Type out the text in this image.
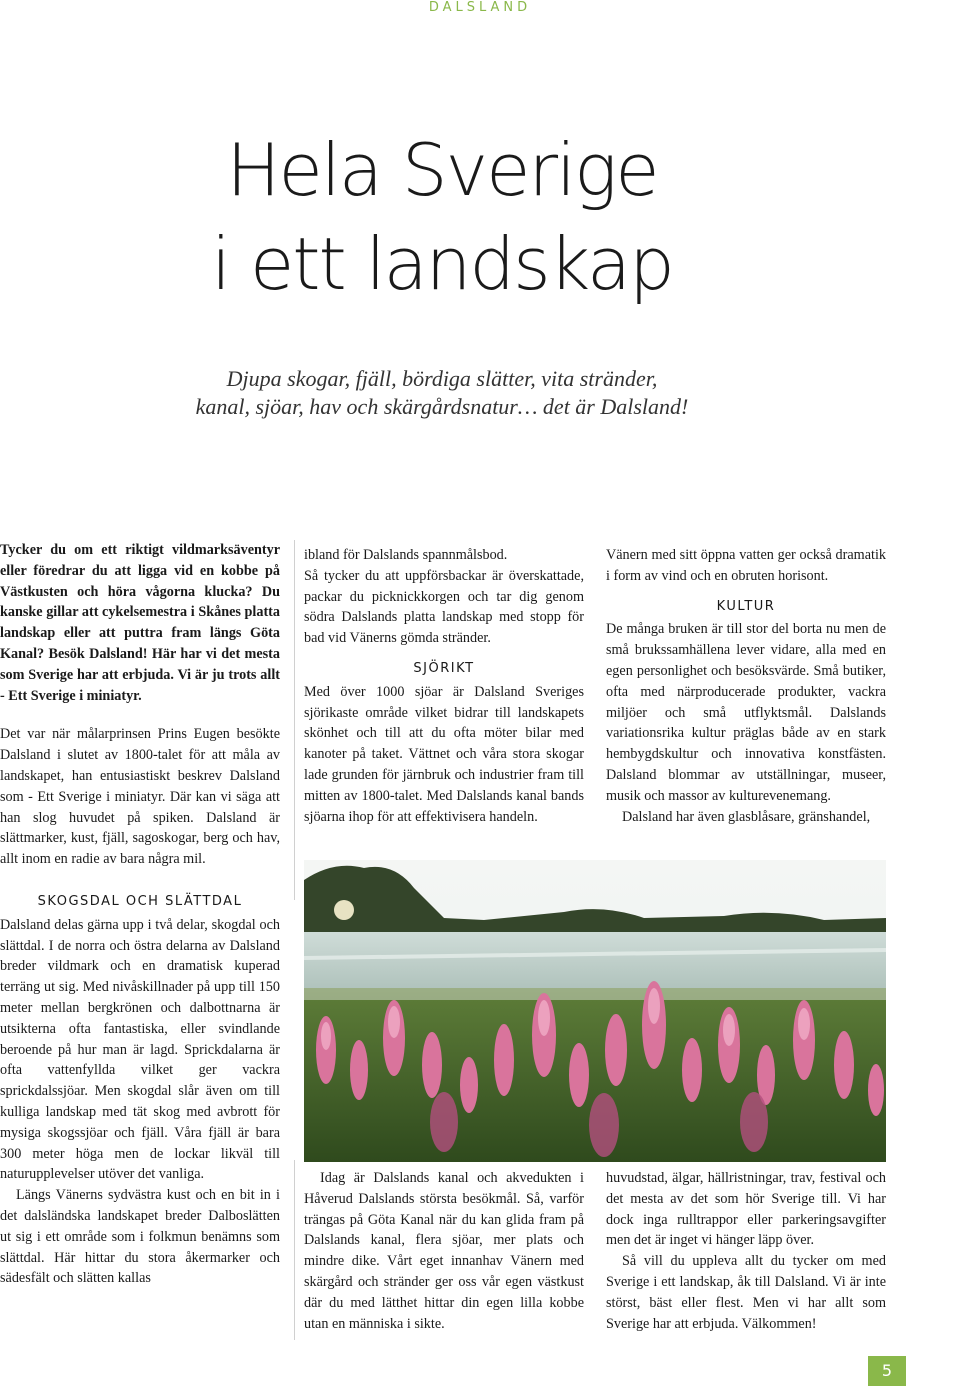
DALSLAND
Hela Sverige
i ett landskap
Djupa skogar, fjäll, bördiga slätter, vita stränder,
kanal, sjöar, hav och skärgårdsnatur… det är Dalsland!

Tycker du om ett riktigt vildmarksäventyr eller föredrar du att ligga vid en kobbe på Västkusten och höra vågorna klucka? Du kanske gillar att cykelsemestra i Skånes platta landskap eller att puttra fram längs Göta Kanal? Besök Dalsland! Här har vi det mesta som Sverige har att erbjuda. Vi är ju trots allt - Ett Sverige i miniatyr.

Det var när målarprinsen Prins Eugen besökte Dalsland i slutet av 1800-talet för att måla av landskapet, han entusiastiskt beskrev Dalsland som - Ett Sverige i miniatyr. Där kan vi säga att han slog huvudet på spiken. Dalsland är slättmarker, kust, fjäll, sagoskogar, berg och hav, allt inom en radie av bara några mil.

SKOGSDAL OCH SLÄTTDAL

Dalsland delas gärna upp i två delar, skogdal och slättdal. I de norra och östra delarna av Dalsland breder vildmark och en dramatisk kuperad terräng ut sig. Med nivåskillnader på upp till 150 meter mellan bergkrönen och dalbottnarna är utsikterna ofta fantastiska, eller svindlande beroende på hur man är lagd. Sprickdalarna är ofta vattenfyllda vilket ger vackra sprickdalssjöar. Men skogdal slår även om till kulliga landskap med tät skog med avbrott för mysiga skogssjöar och fjäll. Våra fjäll är bara 300 meter höga men de lockar likväl till naturupplevelser utöver det vanliga.

Längs Vänerns sydvästra kust och en bit in i det dalsländska landskapet breder Dalboslätten ut sig i ett område som i folkmun benämns som slättdal. Här hittar du stora åkermarker och sädesfält och slätten kallas

ibland för Dalslands spannmålsbod.

Så tycker du att uppförsbackar är överskattade, packar du picknickkorgen och tar dig genom södra Dalslands platta landskap med stopp för bad vid Vänerns gömda stränder.

SJÖRIKT

Med över 1000 sjöar är Dalsland Sveriges sjörikaste område vilket bidrar till landskapets skönhet och till att du ofta möter bilar med kanoter på taket. Vättnet och våra stora skogar lade grunden för järnbruk och industrier fram till mitten av 1800-talet. Med Dalslands kanal bands sjöarna ihop för att effektivisera handeln.

Vänern med sitt öppna vatten ger också dramatik i form av vind och en obruten horisont.

KULTUR

De många bruken är till stor del borta nu men de små brukssamhällena lever vidare, alla med en egen personlighet och besöksvärde. Små butiker, ofta med närproducerade produkter, vackra miljöer och små utflyktsmål. Dalslands variationsrika kultur präglas både av en stark hembygdskultur och innovativa konstfästen. Dalsland blommar av utställningar, museer, musik och massor av kulturevenemang.

Dalsland har även glasblåsare, gränshandel,

Idag är Dalslands kanal och akvedukten i Håverud Dalslands största besökmål. Så, varför trängas på Göta Kanal när du kan glida fram på Dalslands kanal, flera sjöar, mer plats och mindre dike. Vårt eget innanhav Vänern med skärgård och stränder ger oss vår egen västkust där du med lätthet hittar din egen lilla kobbe utan en människa i sikte.

huvudstad, älgar, hällristningar, trav, festival och det mesta av det som hör Sverige till. Vi har dock inga rulltrappor eller parkeringsavgifter men det är inget vi hänger läpp över.

Så vill du uppleva allt du tycker om med Sverige i ett landskap, åk till Dalsland. Vi är inte störst, bäst eller flest. Men vi har allt som Sverige har att erbjuda. Välkommen!

5
